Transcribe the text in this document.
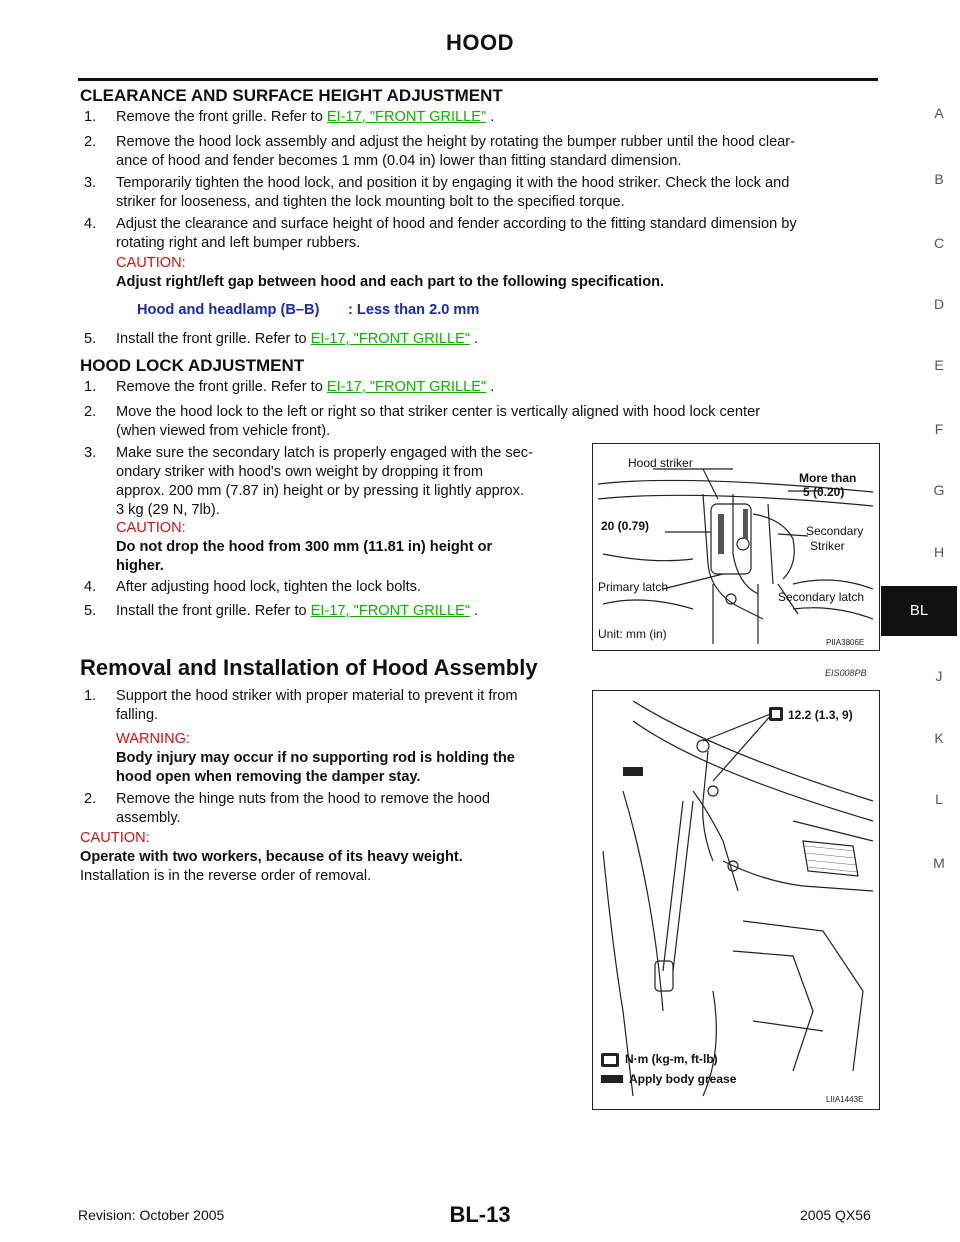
HOOD
A
B
C
D
E
F
G
H
BL
J
K
L
M
CLEARANCE AND SURFACE HEIGHT ADJUSTMENT
1. Remove the front grille. Refer to EI-17, "FRONT GRILLE" .
2. Remove the hood lock assembly and adjust the height by rotating the bumper rubber until the hood clear-
ance of hood and fender becomes 1 mm (0.04 in) lower than fitting standard dimension.
3. Temporarily tighten the hood lock, and position it by engaging it with the hood striker. Check the lock and
striker for looseness, and tighten the lock mounting bolt to the specified torque.
4. Adjust the clearance and surface height of hood and fender according to the fitting standard dimension by
rotating right and left bumper rubbers.
CAUTION:
Adjust right/left gap between hood and each part to the following specification.
Hood and headlamp (B–B) : Less than 2.0 mm
5. Install the front grille. Refer to EI-17, "FRONT GRILLE" .
HOOD LOCK ADJUSTMENT
1. Remove the front grille. Refer to EI-17, "FRONT GRILLE" .
2. Move the hood lock to the left or right so that striker center is vertically aligned with hood lock center
(when viewed from vehicle front).
3. Make sure the secondary latch is properly engaged with the sec-
ondary striker with hood's own weight by dropping it from
approx. 200 mm (7.87 in) height or by pressing it lightly approx.
3 kg (29 N, 7lb).
CAUTION:
Do not drop the hood from 300 mm (11.81 in) height or
higher.
4. After adjusting hood lock, tighten the lock bolts.
5. Install the front grille. Refer to EI-17, "FRONT GRILLE" .
Hood striker
More than
5 (0.20)
20 (0.79)	Secondary
Striker
Primary latch
Secondary latch
Unit: mm (in)
PIIA3806E
Removal and Installation of Hood Assembly	EIS008PB
1. Support the hood striker with proper material to prevent it from
falling.
WARNING:
Body injury may occur if no supporting rod is holding the
hood open when removing the damper stay.
2. Remove the hinge nuts from the hood to remove the hood
assembly.
CAUTION:
Operate with two workers, because of its heavy weight.
Installation is in the reverse order of removal.
12.2 (1.3, 9)
N·m (kg-m, ft-lb)
Apply body grease
LIIA1443E
Revision: October 2005	BL-13	2005 QX56
